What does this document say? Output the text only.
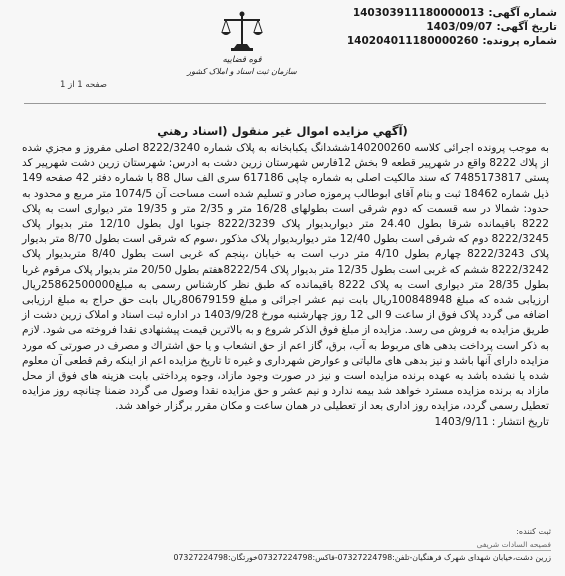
شماره آگهی:
140303911180000013
تاریخ آگهی:
1403/09/07
شماره پرونده:
140204011180000260
قوه قضاییه
سازمان ثبت اسناد و املاک کشور
صفحه 1 از 1
(آگهي مزايده اموال غير منقول (اسناد رهني
به موجب پرونده اجرائی کلاسه 140200260ششدانگ یکبابخانه به پلاک شماره 8222/3240 اصلی مفروز و مجزي شده از پلاك 8222 واقع در شهرپیر قطعه 9 بخش 12فارس شهرستان زرین دشت به ادرس: شهرستان زرین دشت شهرپیر کد پستی 7485173817 که سند مالکیت اصلی به شماره چاپی 617186 سری الف سال 88 با شماره دفتر 42 صفحه 149 ذیل شماره 18462 ثبت و بنام آقای ابوطالب پرموزه صادر و تسلیم شده است مساحت آن 1074/5 متر مربع و محدود به حدود: شمالا در سه قسمت که دوم شرقی است بطولهای 16/28 متر و 2/35 متر و 19/35 متر دیواری است به پلاک 8222 باقیمانده شرقا بطول 24.40 متر دیواربدیوار پلاک 8222/3239 جنوبا اول بطول 12/10 متر بدیوار پلاک 8222/3245 دوم که شرقی است بطول 12/40 متر دیواربدیوار پلاک مذکور ،سوم که شرقی است بطول 8/70 متر بدیوار پلاک 8222/3243 چهارم بطول 4/10 متر درب است به خیابان ،پنجم که غربی است بطول 8/40 متربدیوار پلاک 8222/3242 ششم که غربی است بطول 12/35 متر بدیوار پلاک 8222/54هفتم بطول 20/50 متر بدیوار پلاک مرقوم غربا بطول 28/35 متر دیواری است به پلاک 8222 باقیمانده که طبق نظر کارشناس رسمی به مبلغ25862500000ریال ارزیابی شده که مبلغ 100848948ریال بابت نیم عشر اجرائی و مبلغ 80679159ریال بابت حق حراج به مبلغ ارزیابی اضافه می گردد پلاک فوق از ساعت 9 الی 12 روز چهارشنبه مورخ 1403/9/28 در اداره ثبت اسناد و املاک زرین دشت از طریق مزایده به فروش می رسد. مزایده از مبلغ فوق الذکر شروع و به بالاترین قیمت پیشنهادی نقدا فروخته می شود. لازم به ذکر است پرداخت بدهی های مربوط به آب، برق، گاز اعم از حق انشعاب و یا حق اشتراك و مصرف در صورتی که مورد مزایده دارای آنها باشد و نیز بدهی های مالیاتی و عوارض شهرداری و غیره تا تاریخ مزایده اعم از اینکه رقم قطعی آن معلوم شده یا نشده باشد به عهده برنده مزایده است و نیز در صورت وجود مازاد، وجوه پرداختی بابت هزینه های فوق از محل مازاد به برنده مزایده مسترد خواهد شد بیمه ندارد و نیم عشر و حق مزایده نقدا وصول می گردد ضمنا چنانچه روز مزایده تعطیل رسمی گردد، مزایده روز اداری بعد از تعطیلی در همان ساعت و مکان مقرر برگزار خواهد شد.
تاریخ انتشار : 1403/9/11
ثبت کننده:
فصیحه السادات شریفی
زرین دشت،خیابان شهدای شهرک فرهنگیان-تلفن:07327224798-فاکس:07327224798خورتگان:07327224798
